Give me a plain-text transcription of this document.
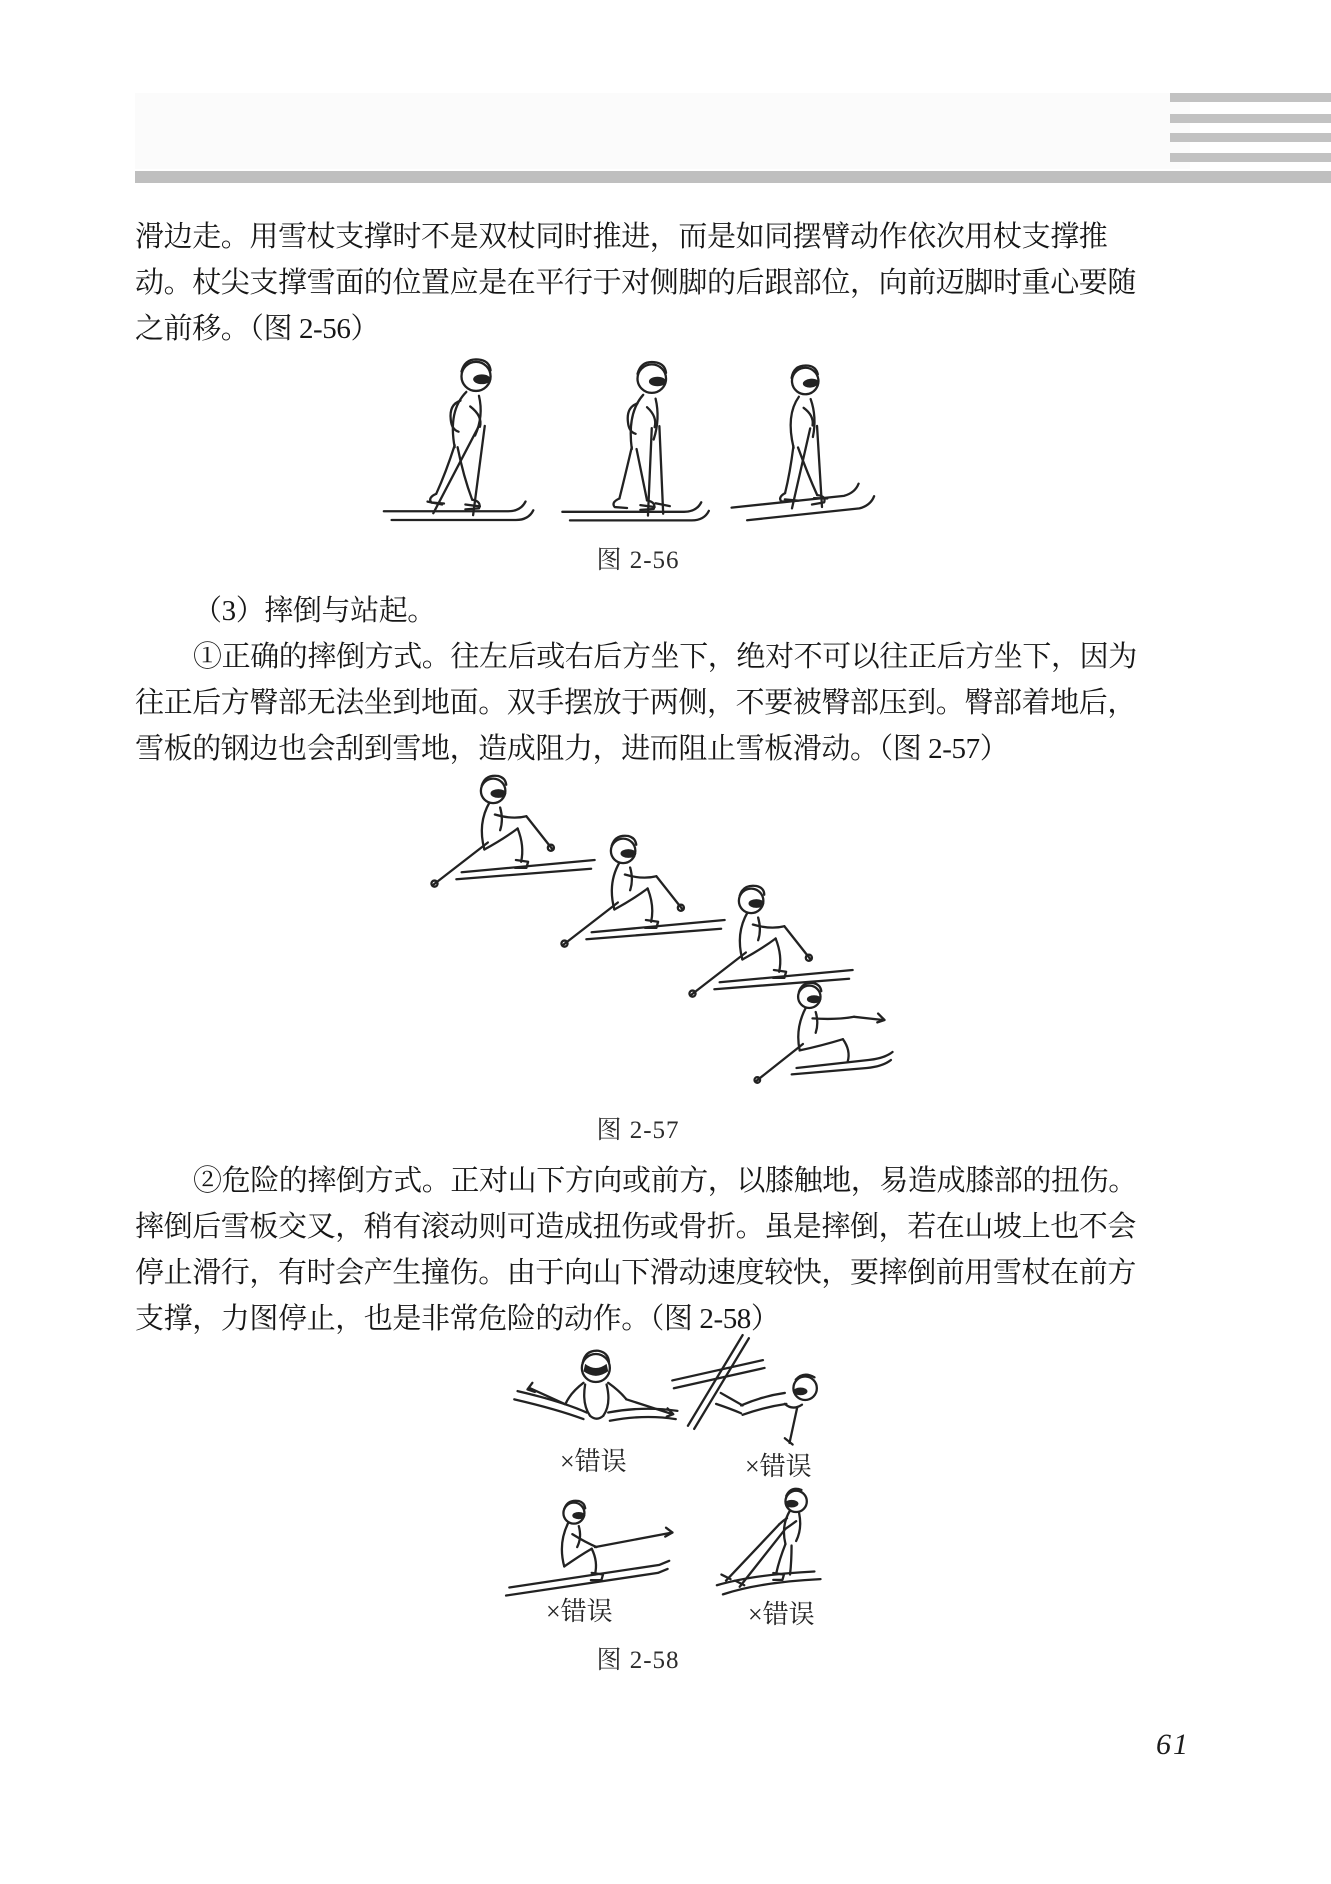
滑边走。用雪杖支撑时不是双杖同时推进，而是如同摆臂动作依次用杖支撑推
动。杖尖支撑雪面的位置应是在平行于对侧脚的后跟部位，向前迈脚时重心要随
之前移。（图 2-56）
图 2-56
（3）摔倒与站起。
①正确的摔倒方式。往左后或右后方坐下，绝对不可以往正后方坐下，因为
往正后方臀部无法坐到地面。双手摆放于两侧，不要被臀部压到。臀部着地后，
雪板的钢边也会刮到雪地，造成阻力，进而阻止雪板滑动。（图 2-57）
图 2-57
②危险的摔倒方式。正对山下方向或前方，以膝触地，易造成膝部的扭伤。
摔倒后雪板交叉，稍有滚动则可造成扭伤或骨折。虽是摔倒，若在山坡上也不会
停止滑行，有时会产生撞伤。由于向山下滑动速度较快，要摔倒前用雪杖在前方
支撑，力图停止，也是非常危险的动作。（图 2-58）
×错误	×错误
×错误	×错误
图 2-58
61
